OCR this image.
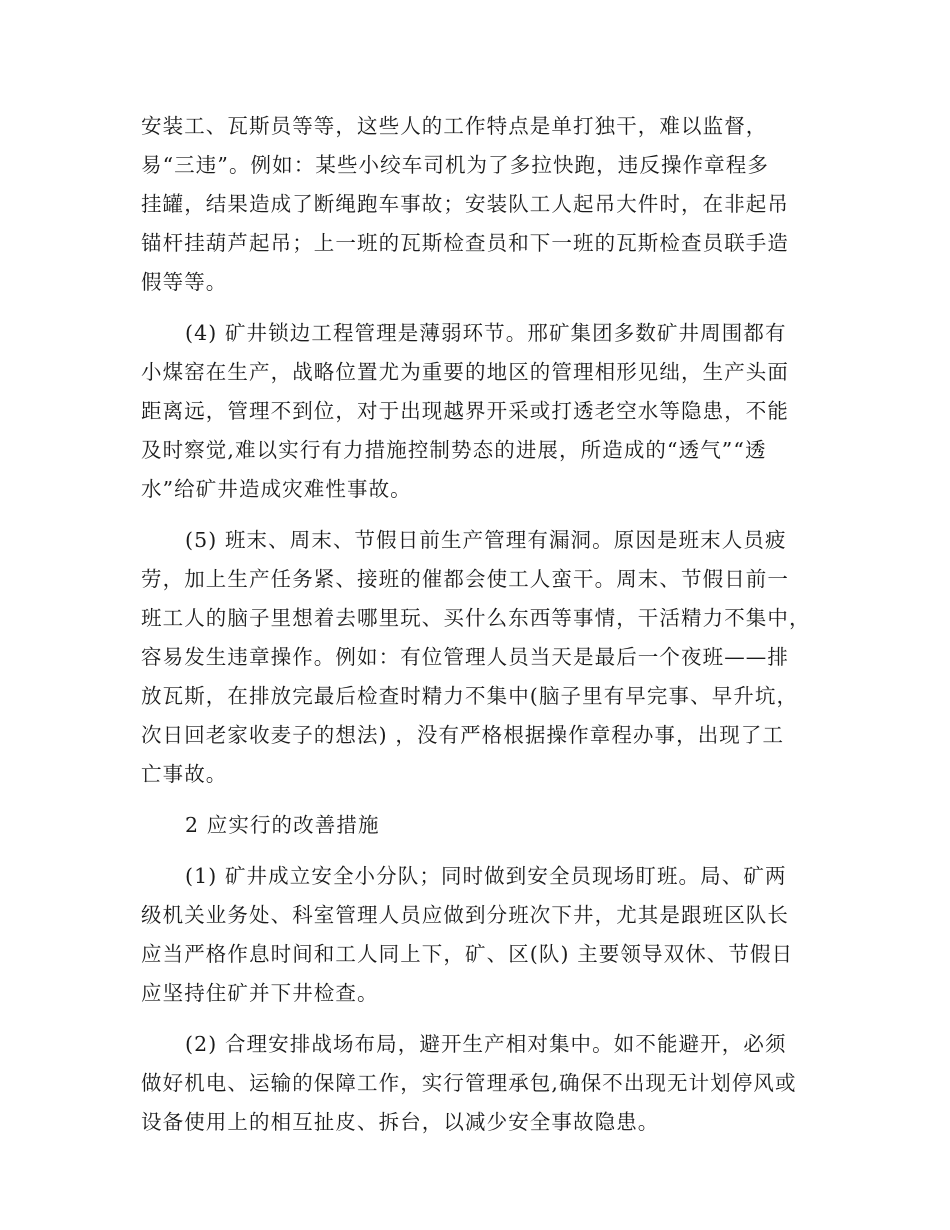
安装工、瓦斯员等等，这些人的工作特点是单打独干，难以监督，
易“三违”。例如：某些小绞车司机为了多拉快跑，违反操作章程多
挂罐，结果造成了断绳跑车事故；安装队工人起吊大件时，在非起吊
锚杆挂葫芦起吊；上一班的瓦斯检查员和下一班的瓦斯检查员联手造
假等等。
(4) 矿井锁边工程管理是薄弱环节。邢矿集团多数矿井周围都有
小煤窑在生产，战略位置尤为重要的地区的管理相形见绌，生产头面
距离远，管理不到位，对于出现越界开采或打透老空水等隐患，不能
及时察觉,难以实行有力措施控制势态的进展，所造成的“透气”“透
水”给矿井造成灾难性事故。
(5) 班末、周末、节假日前生产管理有漏洞。原因是班末人员疲
劳，加上生产任务紧、接班的催都会使工人蛮干。周末、节假日前一
班工人的脑子里想着去哪里玩、买什么东西等事情，干活精力不集中，
容易发生违章操作。例如：有位管理人员当天是最后一个夜班——排
放瓦斯，在排放完最后检查时精力不集中(脑子里有早完事、早升坑，
次日回老家收麦子的想法) ，没有严格根据操作章程办事，出现了工
亡事故。
2 应实行的改善措施
(1) 矿井成立安全小分队；同时做到安全员现场盯班。局、矿两
级机关业务处、科室管理人员应做到分班次下井，尤其是跟班区队长
应当严格作息时间和工人同上下，矿、区(队) 主要领导双休、节假日
应坚持住矿并下井检查。
(2) 合理安排战场布局，避开生产相对集中。如不能避开，必须
做好机电、运输的保障工作，实行管理承包,确保不出现无计划停风或
设备使用上的相互扯皮、拆台，以减少安全事故隐患。
